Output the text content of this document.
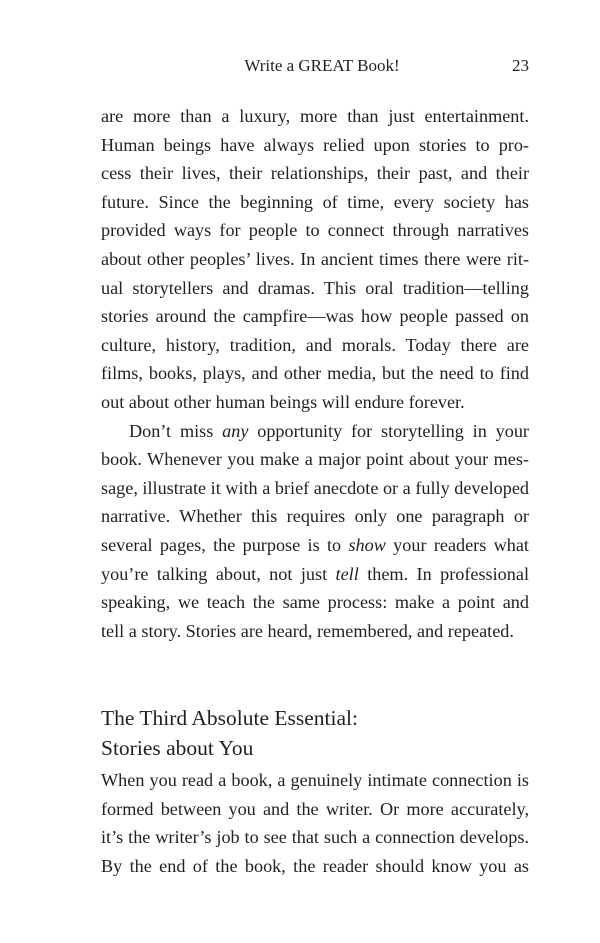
Write a GREAT Book!	23

are more than a luxury, more than just entertainment.
Human beings have always relied upon stories to pro-
cess their lives, their relationships, their past, and their
future. Since the beginning of time, every society has
provided ways for people to connect through narratives
about other peoples’ lives. In ancient times there were rit-
ual storytellers and dramas. This oral tradition—telling
stories around the campfire—was how people passed on
culture, history, tradition, and morals. Today there are
films, books, plays, and other media, but the need to find
out about other human beings will endure forever.

Don’t miss any opportunity for storytelling in your
book. Whenever you make a major point about your mes-
sage, illustrate it with a brief anecdote or a fully developed
narrative. Whether this requires only one paragraph or
several pages, the purpose is to show your readers what
you’re talking about, not just tell them. In professional
speaking, we teach the same process: make a point and
tell a story. Stories are heard, remembered, and repeated.

The Third Absolute Essential:
Stories about You

When you read a book, a genuinely intimate connection is
formed between you and the writer. Or more accurately,
it’s the writer’s job to see that such a connection develops.
By the end of the book, the reader should know you as
